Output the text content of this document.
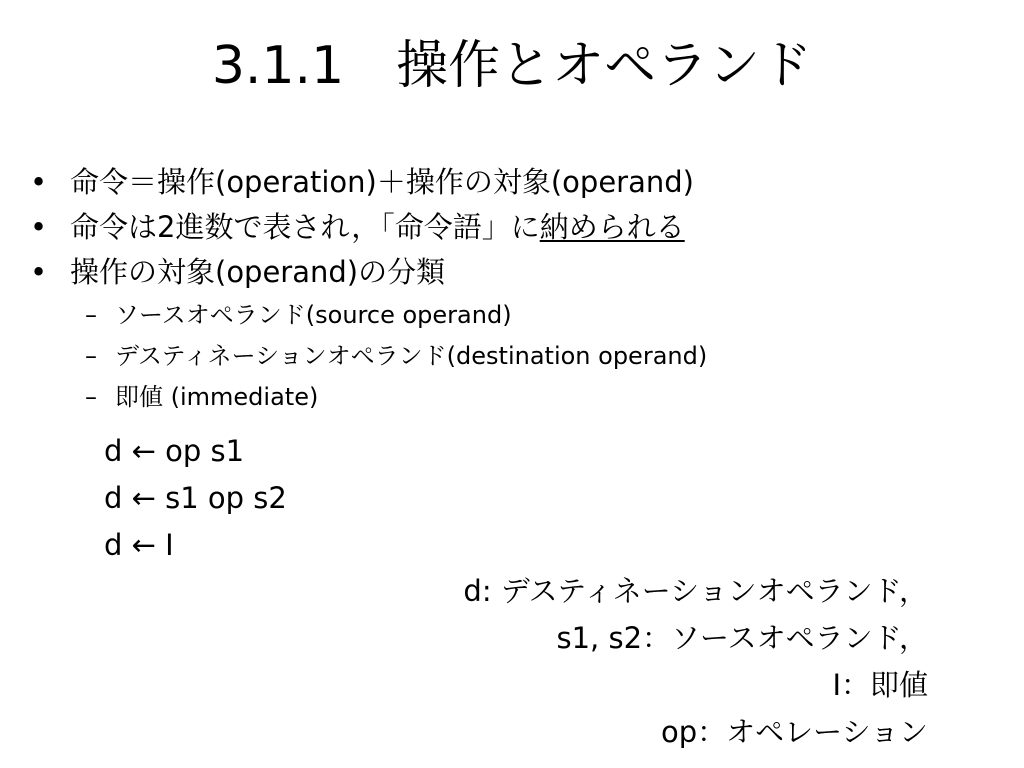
3.1.1　操作とオペランド
• 命令＝操作(operation)＋操作の対象(operand)
• 命令は2進数で表され，「命令語」に納められる
• 操作の対象(operand)の分類
– ソースオペランド(source operand)
– デスティネーションオペランド(destination operand)
– 即値 (immediate)
d ← op s1
d ← s1 op s2
d ← I
d: デスティネーションオペランド，
s1, s2：ソースオペランド，
I：即値
op：オペレーション
